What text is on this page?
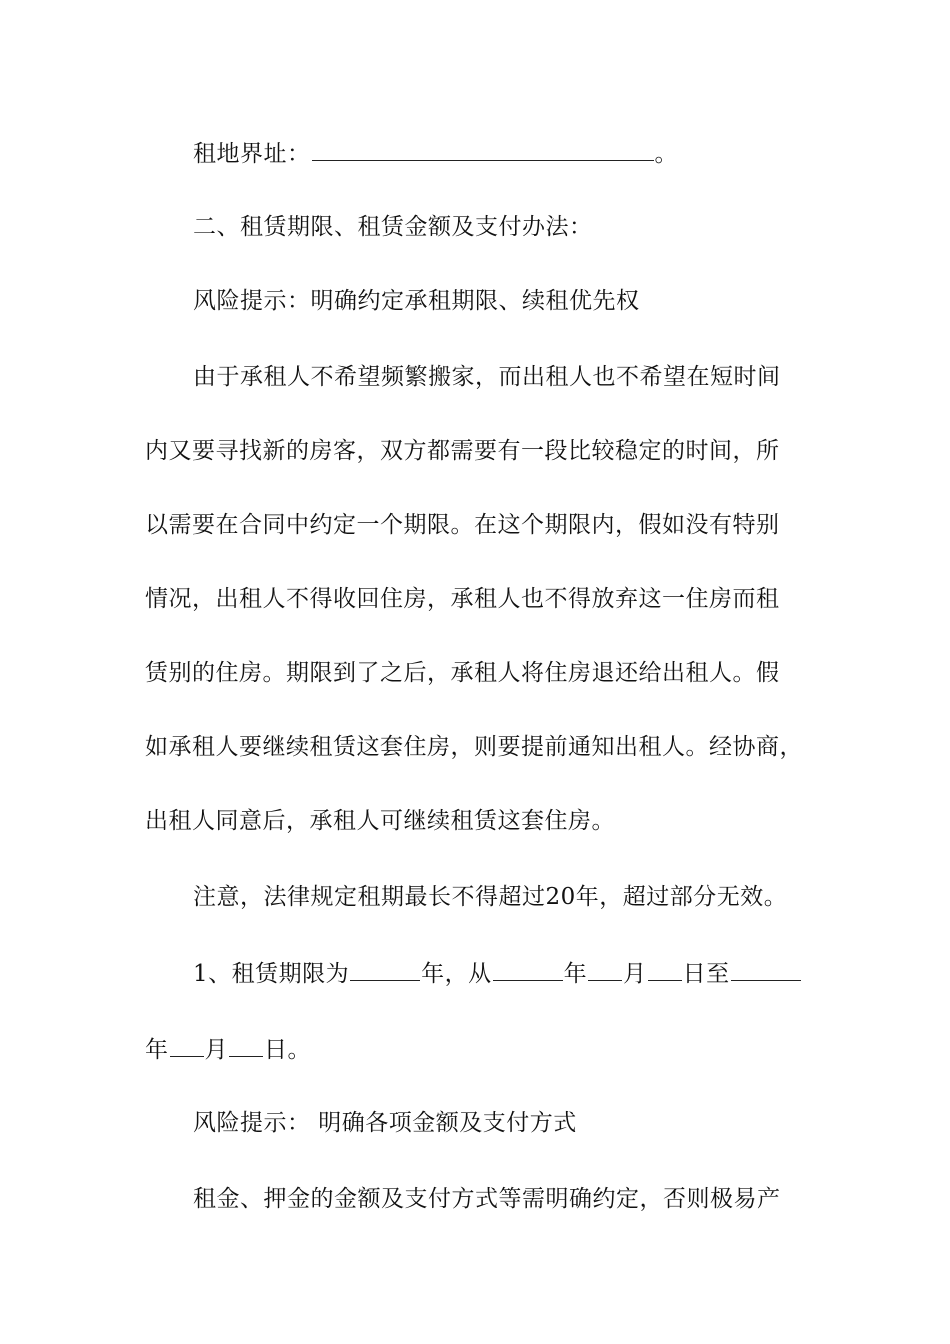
租地界址：	。
二、租赁期限、租赁金额及支付办法：
风险提示：明确约定承租期限、续租优先权
由于承租人不希望频繁搬家，而出租人也不希望在短时间
内又要寻找新的房客，双方都需要有一段比较稳定的时间，所
以需要在合同中约定一个期限。在这个期限内，假如没有特别
情况，出租人不得收回住房，承租人也不得放弃这一住房而租
赁别的住房。期限到了之后，承租人将住房退还给出租人。假
如承租人要继续租赁这套住房，则要提前通知出租人。经协商，
出租人同意后，承租人可继续租赁这套住房。
注意，法律规定租期最长不得超过20年，超过部分无效。
1、租赁期限为	年，从	年 月 日至
年 月 日。
风险提示： 明确各项金额及支付方式
租金、押金的金额及支付方式等需明确约定，否则极易产
